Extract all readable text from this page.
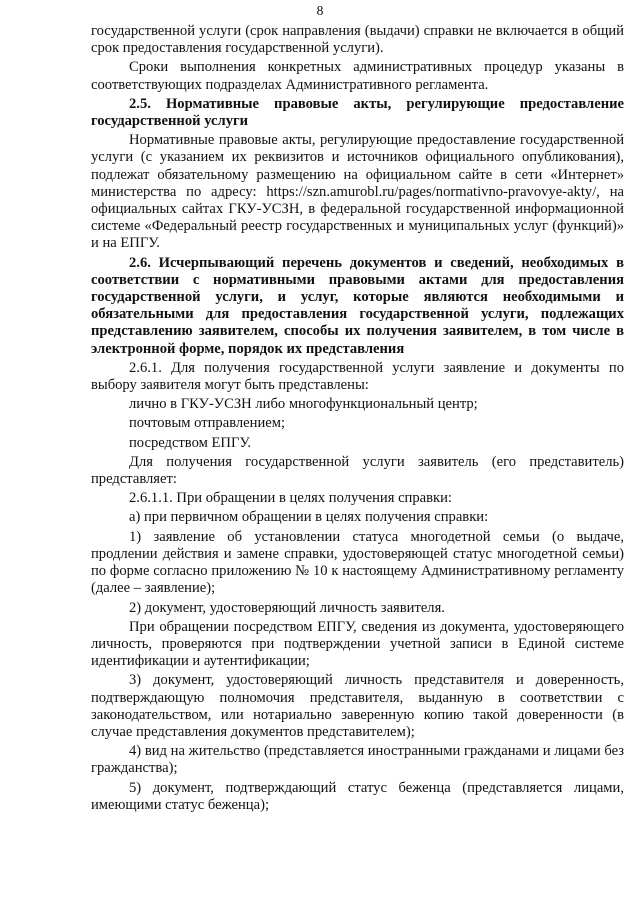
8

государственной услуги (срок направления (выдачи) справки не включается в общий срок предоставления государственной услуги).

Сроки выполнения конкретных административных процедур указаны в соответствующих подразделах Административного регламента.

2.5. Нормативные правовые акты, регулирующие предоставление государственной услуги

Нормативные правовые акты, регулирующие предоставление государственной услуги (с указанием их реквизитов и источников официального опубликования), подлежат обязательному размещению на официальном сайте в сети «Интернет» министерства по адресу: https://szn.amurobl.ru/pages/normativno-pravovye-akty/, на официальных сайтах ГКУ-УСЗН, в федеральной государственной информационной системе «Федеральный реестр государственных и муниципальных услуг (функций)» и на ЕПГУ.

2.6. Исчерпывающий перечень документов и сведений, необходимых в соответствии с нормативными правовыми актами для предоставления государственной услуги, и услуг, которые являются необходимыми и обязательными для предоставления государственной услуги, подлежащих представлению заявителем, способы их получения заявителем, в том числе в электронной форме, порядок их представления

2.6.1. Для получения государственной услуги заявление и документы по выбору заявителя могут быть представлены:

лично в ГКУ-УСЗН либо многофункциональный центр;

почтовым отправлением;

посредством ЕПГУ.

Для получения государственной услуги заявитель (его представитель) представляет:

2.6.1.1. При обращении в целях получения справки:

а) при первичном обращении в целях получения справки:

1) заявление об установлении статуса многодетной семьи (о выдаче, продлении действия и замене справки, удостоверяющей статус многодетной семьи) по форме согласно приложению № 10 к настоящему Административному регламенту (далее – заявление);

2) документ, удостоверяющий личность заявителя.

При обращении посредством ЕПГУ, сведения из документа, удостоверяющего личность, проверяются при подтверждении учетной записи в Единой системе идентификации и аутентификации;

3) документ, удостоверяющий личность представителя и доверенность, подтверждающую полномочия представителя, выданную в соответствии с законодательством, или нотариально заверенную копию такой доверенности (в случае представления документов представителем);

4) вид на жительство (представляется иностранными гражданами и лицами без гражданства);

5) документ, подтверждающий статус беженца (представляется лицами, имеющими статус беженца);
